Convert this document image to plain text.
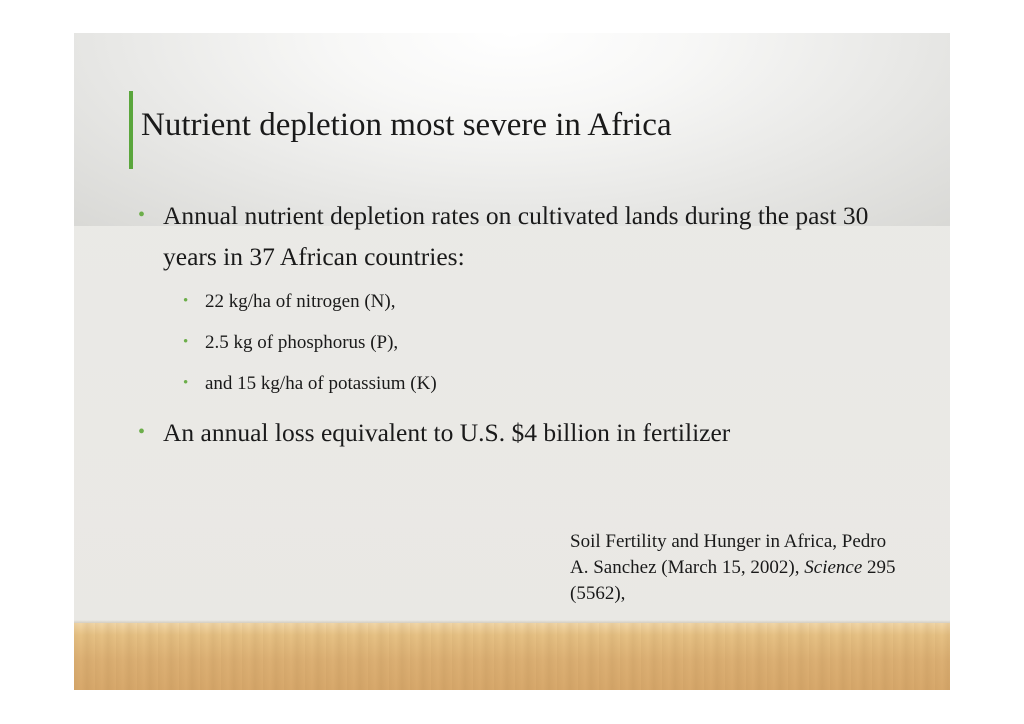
Nutrient depletion most severe in Africa
• Annual nutrient depletion rates on cultivated lands during the past 30 years in 37 African countries:
• 22 kg/ha of nitrogen (N),
• 2.5 kg of phosphorus (P),
• and 15 kg/ha of potassium (K)
• An annual loss equivalent to U.S. $4 billion in fertilizer
Soil Fertility and Hunger in Africa, Pedro A. Sanchez (March 15, 2002), Science 295 (5562),
